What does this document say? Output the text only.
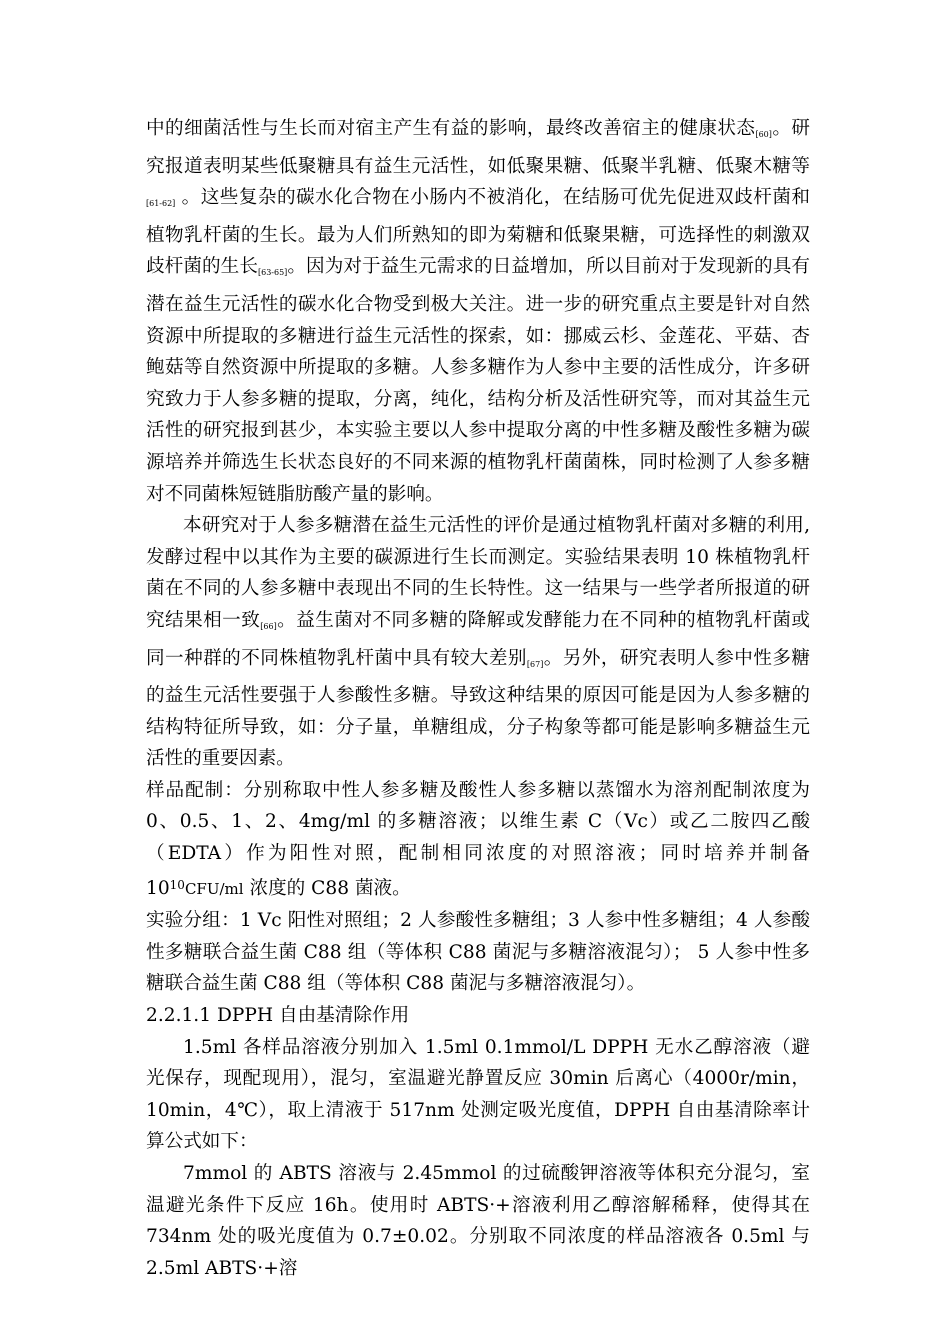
中的细菌活性与生长而对宿主产生有益的影响，最终改善宿主的健康状态$_{[60]}$。研究报道表明某些低聚糖具有益生元活性，如低聚果糖、低聚半乳糖、低聚木糖等$_{[61-62]}$ 。这些复杂的碳水化合物在小肠内不被消化，在结肠可优先促进双歧杆菌和植物乳杆菌的生长。最为人们所熟知的即为菊糖和低聚果糖，可选择性的刺激双歧杆菌的生长$_{[63-65]}$。因为对于益生元需求的日益增加，所以目前对于发现新的具有潜在益生元活性的碳水化合物受到极大关注。进一步的研究重点主要是针对自然资源中所提取的多糖进行益生元活性的探索，如：挪威云杉、金莲花、平菇、杏鲍菇等自然资源中所提取的多糖。人参多糖作为人参中主要的活性成分，许多研究致力于人参多糖的提取，分离，纯化，结构分析及活性研究等，而对其益生元活性的研究报到甚少，本实验主要以人参中提取分离的中性多糖及酸性多糖为碳源培养并筛选生长状态良好的不同来源的植物乳杆菌菌株，同时检测了人参多糖对不同菌株短链脂肪酸产量的影响。

本研究对于人参多糖潜在益生元活性的评价是通过植物乳杆菌对多糖的利用,发酵过程中以其作为主要的碳源进行生长而测定。实验结果表明 10 株植物乳杆菌在不同的人参多糖中表现出不同的生长特性。这一结果与一些学者所报道的研究结果相一致$_{[66]}$。益生菌对不同多糖的降解或发酵能力在不同种的植物乳杆菌或同一种群的不同株植物乳杆菌中具有较大差别$_{[67]}$。另外，研究表明人参中性多糖的益生元活性要强于人参酸性多糖。导致这种结果的原因可能是因为人参多糖的结构特征所导致，如：分子量，单糖组成，分子构象等都可能是影响多糖益生元活性的重要因素。

样品配制：分别称取中性人参多糖及酸性人参多糖以蒸馏水为溶剂配制浓度为 0、0.5、1、2、4mg/ml 的多糖溶液；以维生素 C（Vc）或乙二胺四乙酸（EDTA）作为阳性对照，配制相同浓度的对照溶液；同时培养并制备 $10^{10}CFU/ml$ 浓度的 C88 菌液。

实验分组：1 Vc 阳性对照组；2 人参酸性多糖组；3 人参中性多糖组；4 人参酸性多糖联合益生菌 C88 组（等体积 C88 菌泥与多糖溶液混匀）； 5 人参中性多糖联合益生菌 C88 组（等体积 C88 菌泥与多糖溶液混匀）。

2.2.1.1 DPPH 自由基清除作用

1.5ml 各样品溶液分别加入 1.5ml 0.1mmol/L DPPH 无水乙醇溶液（避光保存，现配现用），混匀，室温避光静置反应 30min 后离心（4000r/min，10min，4℃），取上清液于 517nm 处测定吸光度值，DPPH 自由基清除率计算公式如下：

7mmol 的 ABTS 溶液与 2.45mmol 的过硫酸钾溶液等体积充分混匀，室温避光条件下反应 16h。使用时 ABTS·+溶液利用乙醇溶解稀释，使得其在 734nm 处的吸光度值为 0.7±0.02。分别取不同浓度的样品溶液各 0.5ml 与 2.5ml ABTS·+溶
